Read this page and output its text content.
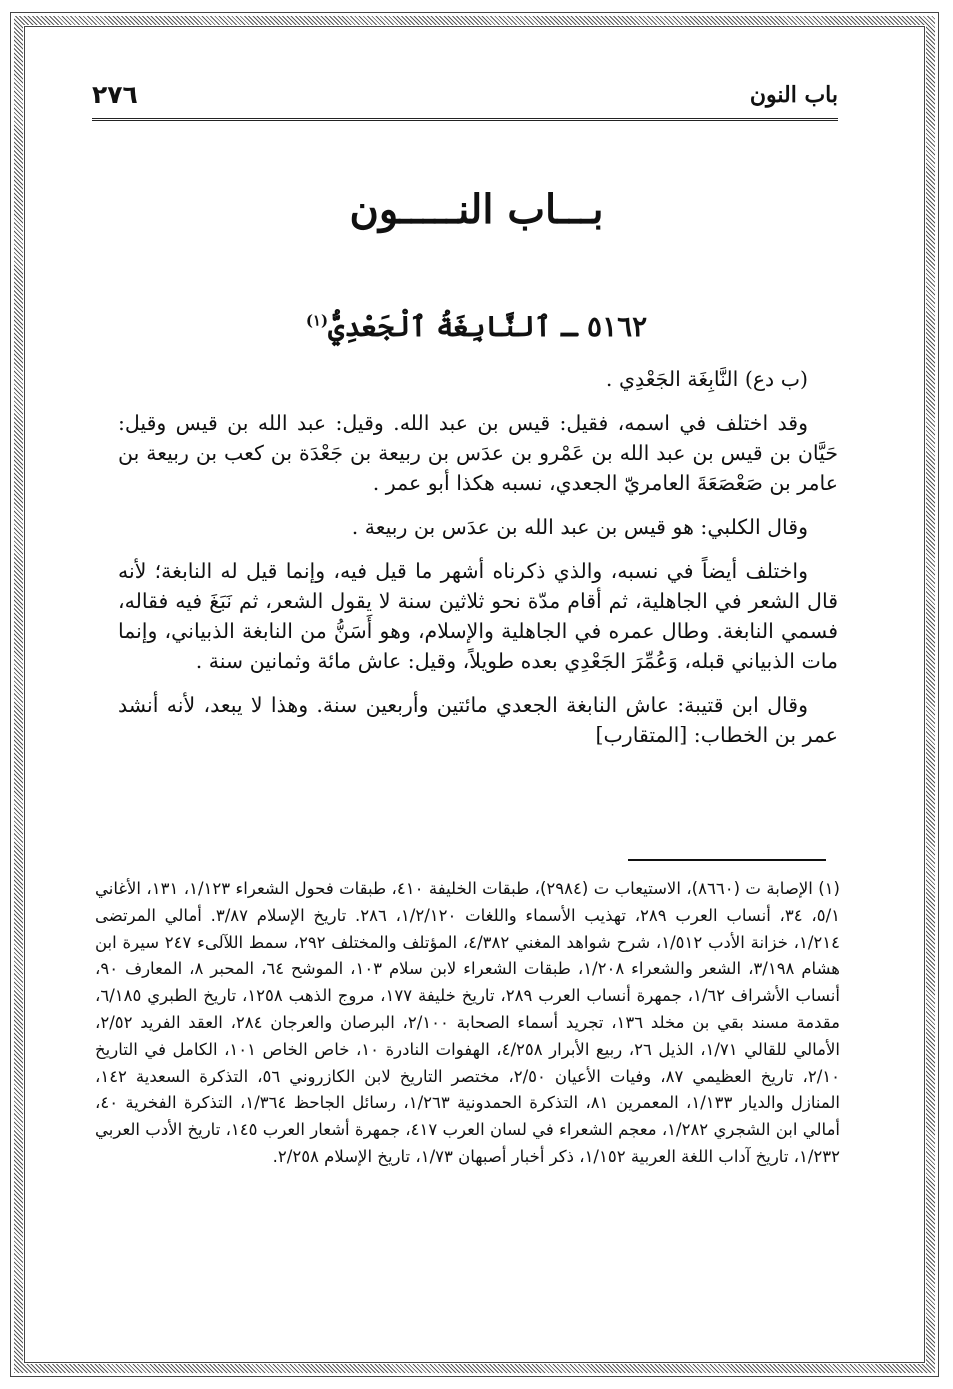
٢٧٦	باب النون
بـــاب النـــــون
٥١٦٢ ـ ٱلنَّابِغَةُ ٱلْجَعْدِيُّ$^{(١)}$

(ب دع) النَّابِغَة الجَعْدِي .

وقد اختلف في اسمه، فقيل: قيس بن عبد الله. وقيل: عبد الله بن قيس وقيل: حَيَّان بن قيس بن عبد الله بن عَمْرو بن عدَس بن ربيعة بن جَعْدَة بن كعب بن ربيعة بن عامر بن صَعْصَعَةَ العامريّ الجعدي، نسبه هكذا أبو عمر .

وقال الكلبي: هو قيس بن عبد الله بن عدَس بن ربيعة .

واختلف أيضاً في نسبه، والذي ذكرناه أشهر ما قيل فيه، وإنما قيل له النابغة؛ لأنه قال الشعر في الجاهلية، ثم أقام مدّة نحو ثلاثين سنة لا يقول الشعر، ثم نَبَغَ فيه فقاله، فسمي النابغة. وطال عمره في الجاهلية والإسلام، وهو أَسَنُّ من النابغة الذبياني، وإنما مات الذبياني قبله، وَعُمِّرَ الجَعْدِي بعده طويلاً، وقيل: عاش مائة وثمانين سنة .

وقال ابن قتيبة: عاش النابغة الجعدي مائتين وأربعين سنة. وهذا لا يبعد، لأنه أنشد عمر بن الخطاب: [المتقارب]

(١) الإصابة ت (٨٦٦٠)، الاستيعاب ت (٢٩٨٤)، طبقات الخليفة ٤١٠، طبقات فحول الشعراء ١/١٢٣، ١٣١، الأغاني ٥/١، ٣٤، أنساب العرب ٢٨٩، تهذيب الأسماء واللغات ١/٢/١٢٠، ٢٨٦. تاريخ الإسلام ٣/٨٧. أمالي المرتضى ١/٢١٤، خزانة الأدب ١/٥١٢، شرح شواهد المغني ٤/٣٨٢، المؤتلف والمختلف ٢٩٢، سمط اللآلىء ٢٤٧ سيرة ابن هشام ٣/١٩٨، الشعر والشعراء ١/٢٠٨، طبقات الشعراء لابن سلام ١٠٣، الموشح ٦٤، المحبر ٨، المعارف ٩٠، أنساب الأشراف ١/٦٢، جمهرة أنساب العرب ٢٨٩، تاريخ خليفة ١٧٧، مروج الذهب ١٢٥٨، تاريخ الطبري ٦/١٨٥، مقدمة مسند بقي بن مخلد ١٣٦، تجريد أسماء الصحابة ٢/١٠٠، البرصان والعرجان ٢٨٤، العقد الفريد ٢/٥٢، الأمالي للقالي ١/٧١، الذيل ٢٦، ربيع الأبرار ٤/٢٥٨، الهفوات النادرة ١٠، خاص الخاص ١٠١، الكامل في التاريخ ٢/١٠، تاريخ العظيمي ٨٧، وفيات الأعيان ٢/٥٠، مختصر التاريخ لابن الكازروني ٥٦، التذكرة السعدية ١٤٢، المنازل والديار ١/١٣٣، المعمرين ٨١، التذكرة الحمدونية ١/٢٦٣، رسائل الجاحظ ١/٣٦٤، التذكرة الفخرية ٤٠، أمالي ابن الشجري ١/٢٨٢، معجم الشعراء في لسان العرب ٤١٧، جمهرة أشعار العرب ١٤٥، تاريخ الأدب العربي ١/٢٣٢، تاريخ آداب اللغة العربية ١/١٥٢، ذكر أخبار أصبهان ١/٧٣، تاريخ الإسلام ٢/٢٥٨.
